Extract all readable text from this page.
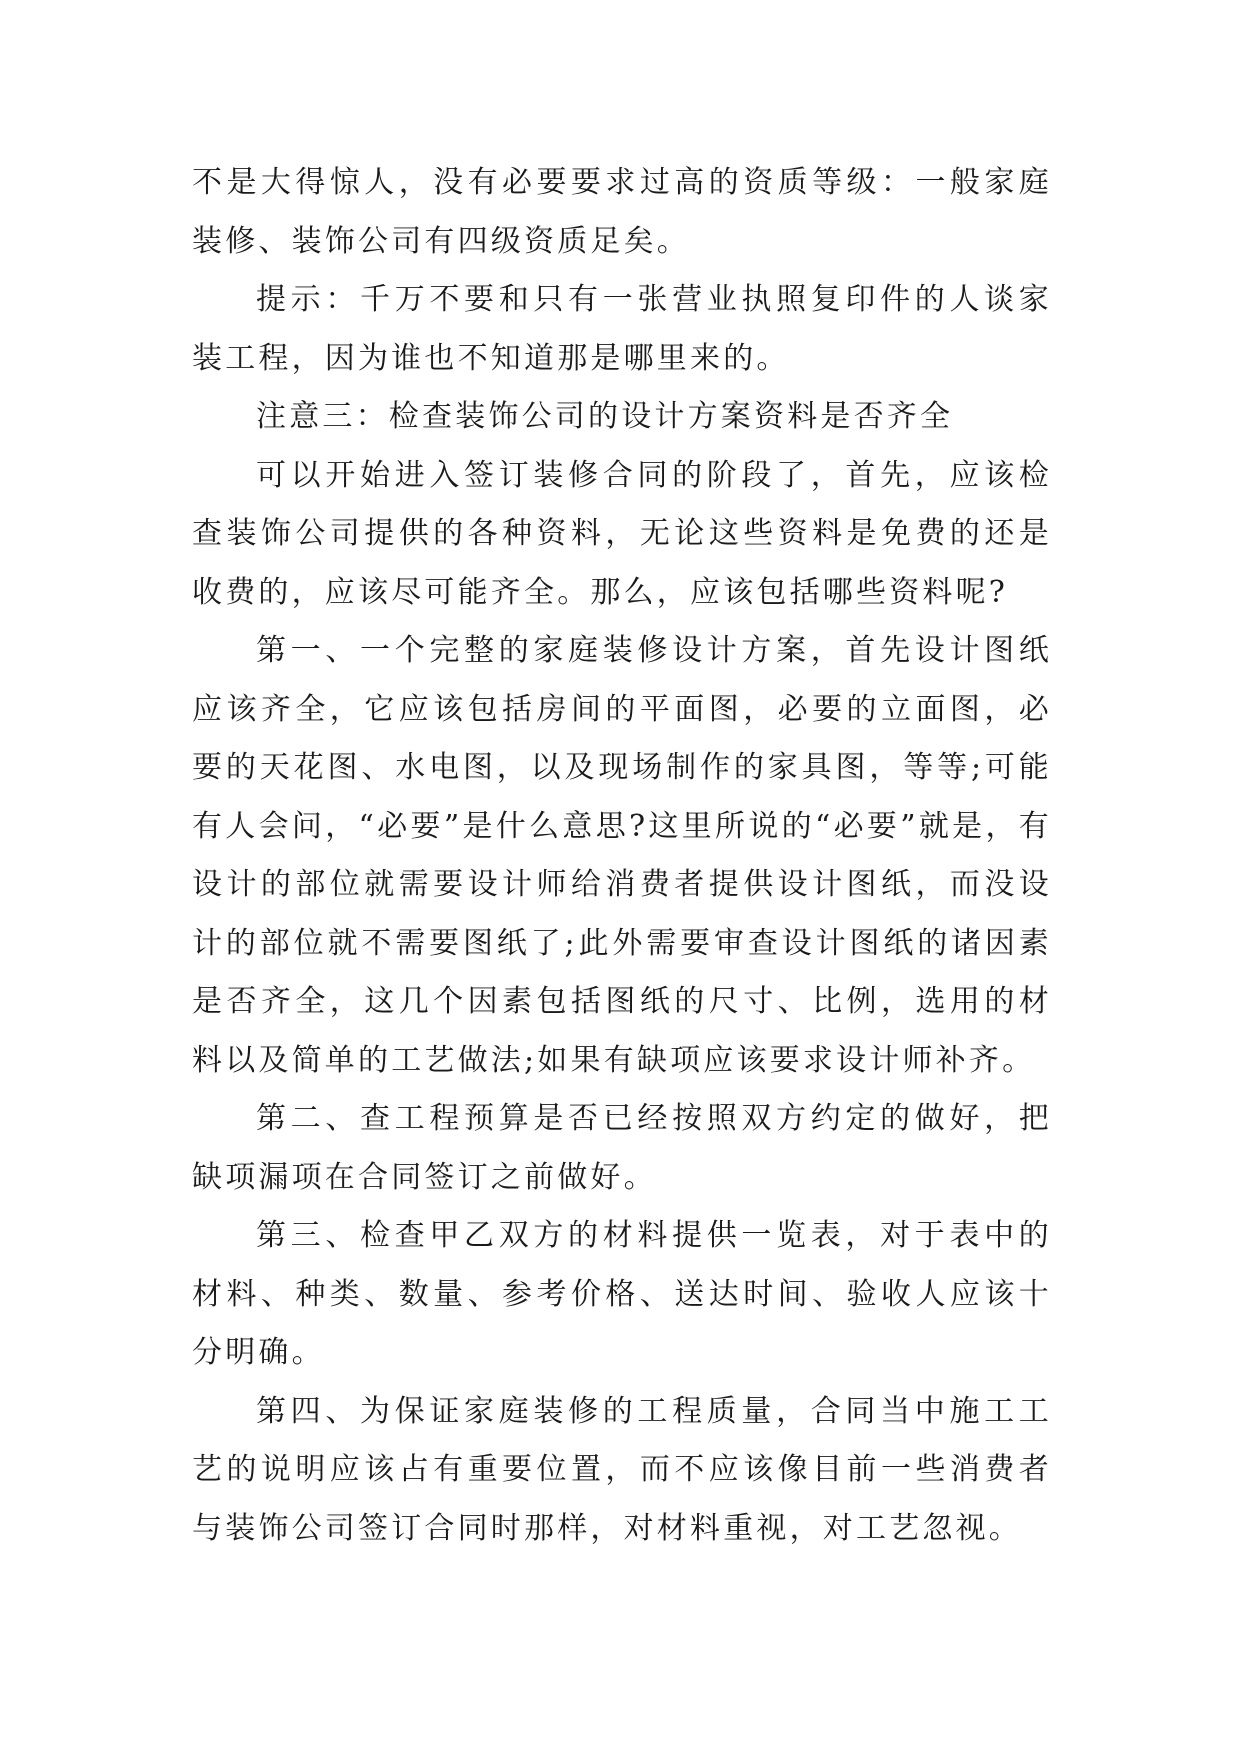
不是大得惊人，没有必要要求过高的资质等级：一般家庭装修、装饰公司有四级资质足矣。

提示：千万不要和只有一张营业执照复印件的人谈家装工程，因为谁也不知道那是哪里来的。

注意三：检查装饰公司的设计方案资料是否齐全

可以开始进入签订装修合同的阶段了，首先，应该检查装饰公司提供的各种资料，无论这些资料是免费的还是收费的，应该尽可能齐全。那么，应该包括哪些资料呢?

第一、一个完整的家庭装修设计方案，首先设计图纸应该齐全，它应该包括房间的平面图，必要的立面图，必要的天花图、水电图，以及现场制作的家具图，等等;可能有人会问，“必要”是什么意思?这里所说的“必要”就是，有设计的部位就需要设计师给消费者提供设计图纸，而没设计的部位就不需要图纸了;此外需要审查设计图纸的诸因素是否齐全，这几个因素包括图纸的尺寸、比例，选用的材料以及简单的工艺做法;如果有缺项应该要求设计师补齐。

第二、查工程预算是否已经按照双方约定的做好，把缺项漏项在合同签订之前做好。

第三、检查甲乙双方的材料提供一览表，对于表中的材料、种类、数量、参考价格、送达时间、验收人应该十分明确。

第四、为保证家庭装修的工程质量，合同当中施工工艺的说明应该占有重要位置，而不应该像目前一些消费者与装饰公司签订合同时那样，对材料重视，对工艺忽视。
